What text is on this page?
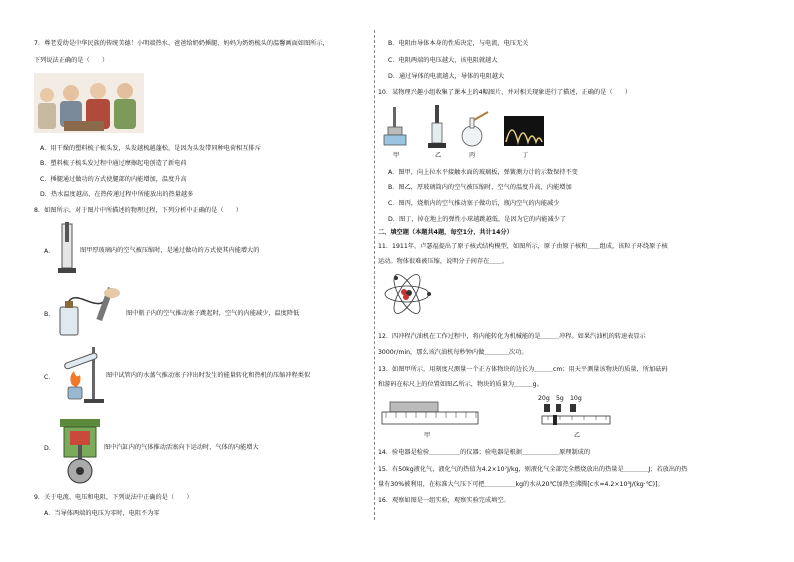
7．尊老爱幼是中华民族的传统美德！小明端热水、爸爸给奶奶捶腿、妈妈为奶奶梳头的温馨画面如图所示，
下列说法正确的是（　　）
A．用干燥的塑料梳子梳头发，头发越梳越蓬松，是因为头发带同种电荷相互排斥
B．塑料梳子梳头发过程中通过摩擦起电创造了新电荷
C．捶腿通过做功的方式使腿部的内能增加，温度升高
D．热水温度越高，在热传递过程中所能放出的热量越多
8．如图所示，对于图片中所描述的物理过程，下列分析中正确的是（　　）
A．	图甲厚玻璃内的空气被压缩时，是通过做功的方式使其内能增大的
B．	图中瓶子内的空气推动塞子跳起时，空气的内能减少，温度降低
C．	图中试管内的水蒸气推动塞子冲出时发生的能量转化和热机的压缩冲程类似
D．	图中汽缸内的气体推动活塞向下运动时，气体的内能增大
9．关于电流、电压和电阻，下列说法中正确的是（　　）
A．当导体两端的电压为零时，电阻不为零
B．电阻由导体本身的性质决定，与电流、电压无关
C．电阻两端的电压越大，该电阻就越大
D．通过导体的电流越大，导体的电阻越大
10．某物理兴趣小组收集了课本上的4幅图片，并对相关现象进行了描述，正确的是（　　）
甲	乙	丙	丁
A．图甲，向上拉水平接触水面的玻璃板，弹簧测力计的示数保持不变
B．图乙，厚玻璃筒内的空气被压缩时，空气的温度升高，内能增加
C．图丙，烧瓶内的空气推动塞子做功后，瓶内空气的内能减少
D．图丁，掉在地上的弹性小球越跳越低，是因为它的内能减少了
二、填空题（本题共4题，每空1分，共计14分）
11．1911年，卢瑟福提出了原子核式结构模型，如图所示，原子由原子核和＿＿组成，该粒子环绕原子核
运动。物体很难被压缩，说明分子间存在＿＿。
12．四冲程汽油机在工作过程中，将内能转化为机械能的是＿＿＿冲程。如果汽油机的转速表显示
3000r/min，那么该汽油机每秒钟内做＿＿＿＿次功。
13．如图甲所示，用刻度尺测量一个正方体物块的边长为＿＿＿cm；用天平测量该物块的质量，所加砝码
和游码在标尺上的位置如图乙所示，物块的质量为＿＿＿g。
甲
20g 5g 10g
乙
14．验电器是检验＿＿＿＿＿的仪器；验电器是根据＿＿＿＿＿＿原理制成的
15．有50kg液化气，液化气的热值为4.2×10⁷J/kg，则液化气全部完全燃烧放出的热量是＿＿＿＿J；若放出的热
量有30%被利用，在标准大气压下可把＿＿＿＿＿kg的水从20℃加热至沸腾[c水=4.2×10³J/(kg·℃)]。
16．观察如图是一组实验，观察实验完成填空。
